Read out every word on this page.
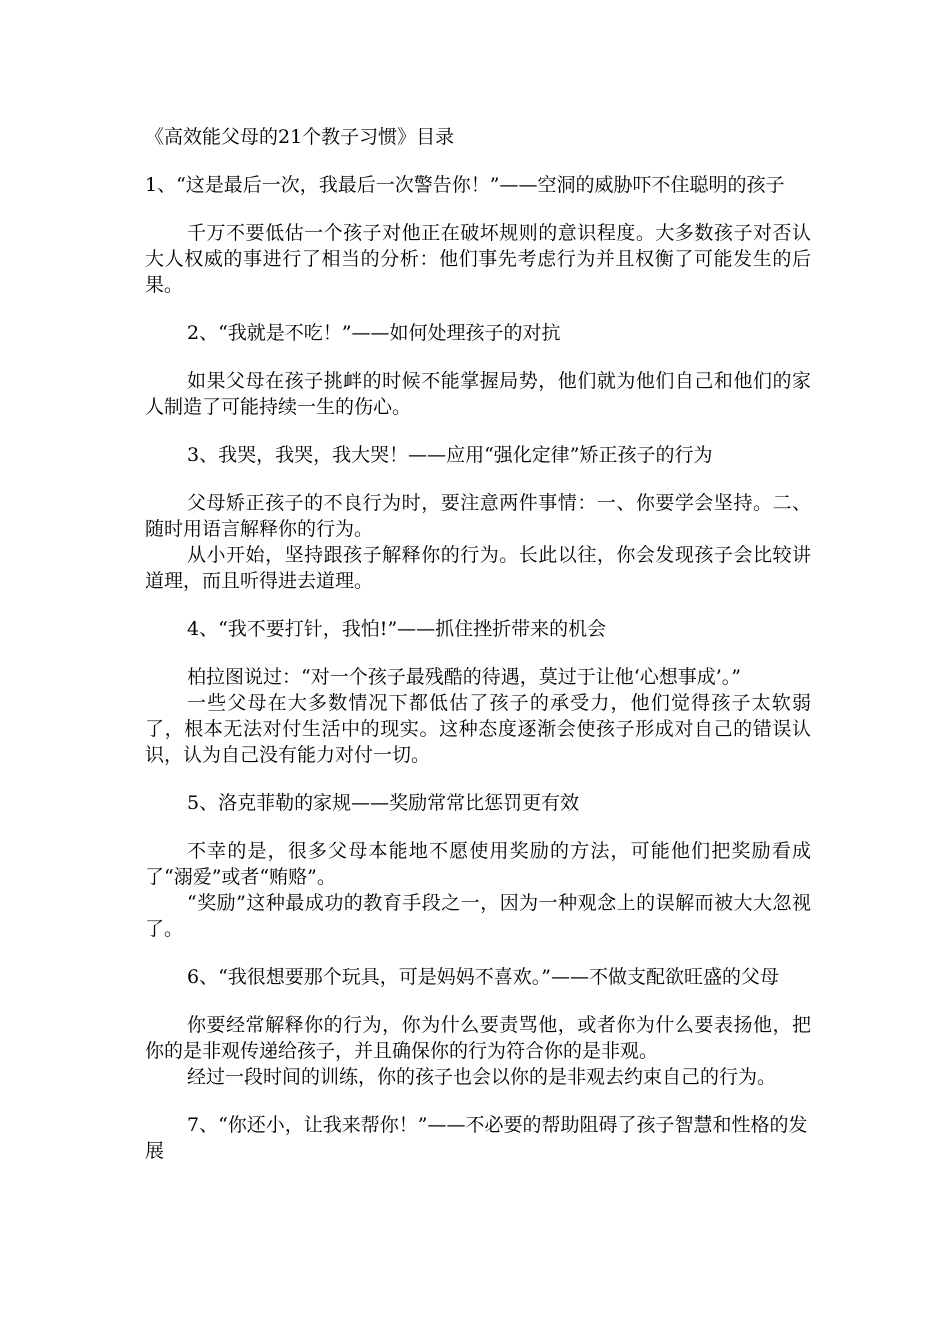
《高效能父母的21个教子习惯》目录
1、“这是最后一次，我最后一次警告你！”——空洞的威胁吓不住聪明的孩子

千万不要低估一个孩子对他正在破坏规则的意识程度。大多数孩子对否认大人权威的事进行了相当的分析：他们事先考虑行为并且权衡了可能发生的后果。

2、“我就是不吃！”——如何处理孩子的对抗

如果父母在孩子挑衅的时候不能掌握局势，他们就为他们自己和他们的家人制造了可能持续一生的伤心。

3、我哭，我哭，我大哭！——应用“强化定律”矫正孩子的行为

父母矫正孩子的不良行为时，要注意两件事情：一、你要学会坚持。二、随时用语言解释你的行为。

从小开始，坚持跟孩子解释你的行为。长此以往，你会发现孩子会比较讲道理，而且听得进去道理。

4、“我不要打针，我怕!”——抓住挫折带来的机会

柏拉图说过：“对一个孩子最残酷的待遇，莫过于让他‘心想事成’。”

一些父母在大多数情况下都低估了孩子的承受力，他们觉得孩子太软弱了，根本无法对付生活中的现实。这种态度逐渐会使孩子形成对自己的错误认识，认为自己没有能力对付一切。

5、洛克菲勒的家规——奖励常常比惩罚更有效

不幸的是，很多父母本能地不愿使用奖励的方法，可能他们把奖励看成了“溺爱”或者“贿赂”。

“奖励”这种最成功的教育手段之一，因为一种观念上的误解而被大大忽视了。

6、“我很想要那个玩具，可是妈妈不喜欢。”——不做支配欲旺盛的父母

你要经常解释你的行为，你为什么要责骂他，或者你为什么要表扬他，把你的是非观传递给孩子，并且确保你的行为符合你的是非观。

经过一段时间的训练，你的孩子也会以你的是非观去约束自己的行为。

7、“你还小，让我来帮你！”——不必要的帮助阻碍了孩子智慧和性格的发展
